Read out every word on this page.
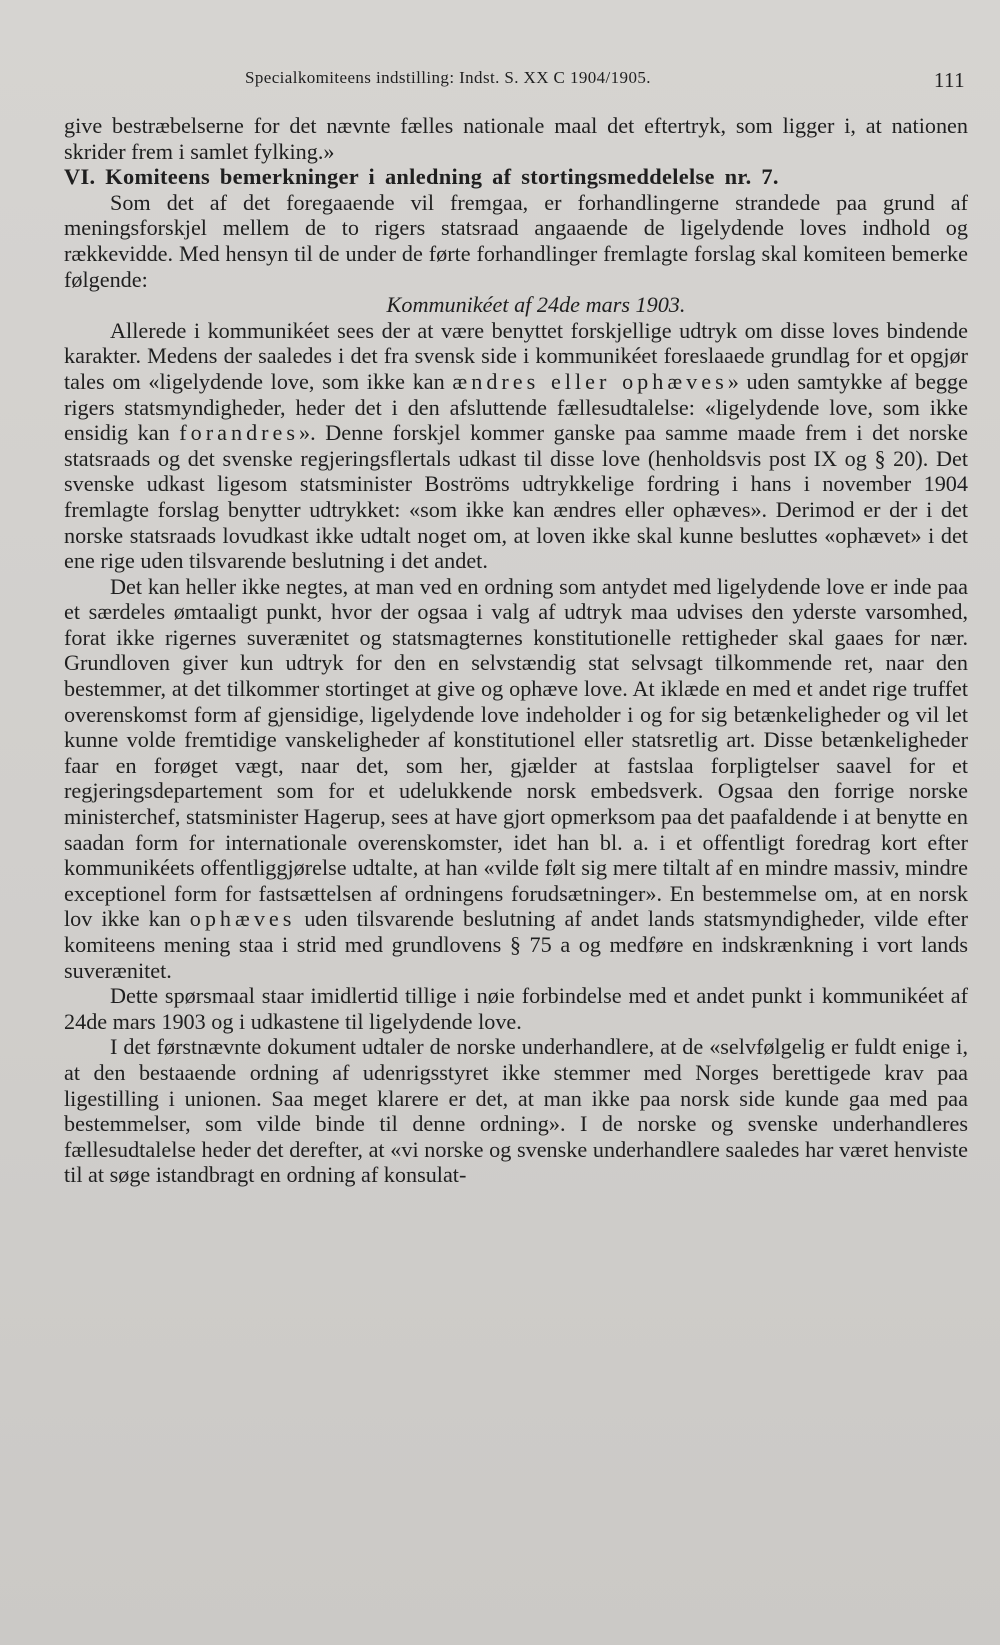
Specialkomiteens indstilling: Indst. S. XX C 1904/1905.	111

give bestræbelserne for det nævnte fælles nationale maal det eftertryk, som ligger i, at nationen skrider frem i samlet fylking.»

VI. Komiteens bemerkninger i anledning af stortingsmeddelelse nr. 7.

Som det af det foregaaende vil fremgaa, er forhandlingerne strandede paa grund af meningsforskjel mellem de to rigers statsraad angaaende de ligelydende loves indhold og rækkevidde. Med hensyn til de under de førte forhandlinger fremlagte forslag skal komiteen bemerke følgende:

Kommunikéet af 24de mars 1903.

Allerede i kommunikéet sees der at være benyttet forskjellige udtryk om disse loves bindende karakter. Medens der saaledes i det fra svensk side i kommunikéet foreslaaede grundlag for et opgjør tales om «ligelydende love, som ikke kan ændres eller ophæves» uden samtykke af begge rigers statsmyndigheder, heder det i den afsluttende fællesudtalelse: «ligelydende love, som ikke ensidig kan forandres». Denne forskjel kommer ganske paa samme maade frem i det norske statsraads og det svenske regjeringsflertals udkast til disse love (henholdsvis post IX og § 20). Det svenske udkast ligesom statsminister Boströms udtrykkelige fordring i hans i november 1904 fremlagte forslag benytter udtrykket: «som ikke kan ændres eller ophæves». Derimod er der i det norske statsraads lovudkast ikke udtalt noget om, at loven ikke skal kunne besluttes «ophævet» i det ene rige uden tilsvarende beslutning i det andet.

Det kan heller ikke negtes, at man ved en ordning som antydet med ligelydende love er inde paa et særdeles ømtaaligt punkt, hvor der ogsaa i valg af udtryk maa udvises den yderste varsomhed, forat ikke rigernes suverænitet og statsmagternes konstitutionelle rettigheder skal gaaes for nær. Grundloven giver kun udtryk for den en selvstændig stat selvsagt tilkommende ret, naar den bestemmer, at det tilkommer stortinget at give og ophæve love. At iklæde en med et andet rige truffet overenskomst form af gjensidige, ligelydende love indeholder i og for sig betænkeligheder og vil let kunne volde fremtidige vanskeligheder af konstitutionel eller statsretlig art. Disse betænkeligheder faar en forøget vægt, naar det, som her, gjælder at fastslaa forpligtelser saavel for et regjeringsdepartement som for et udelukkende norsk embedsverk. Ogsaa den forrige norske ministerchef, statsminister Hagerup, sees at have gjort opmerksom paa det paafaldende i at benytte en saadan form for internationale overenskomster, idet han bl. a. i et offentligt foredrag kort efter kommunikéets offentliggjørelse udtalte, at han «vilde følt sig mere tiltalt af en mindre massiv, mindre exceptionel form for fastsættelsen af ordningens forudsætninger». En bestemmelse om, at en norsk lov ikke kan ophæves uden tilsvarende beslutning af andet lands statsmyndigheder, vilde efter komiteens mening staa i strid med grundlovens § 75 a og medføre en indskrænkning i vort lands suverænitet.

Dette spørsmaal staar imidlertid tillige i nøie forbindelse med et andet punkt i kommunikéet af 24de mars 1903 og i udkastene til ligelydende love.

I det førstnævnte dokument udtaler de norske underhandlere, at de «selvfølgelig er fuldt enige i, at den bestaaende ordning af udenrigsstyret ikke stemmer med Norges berettigede krav paa ligestilling i unionen. Saa meget klarere er det, at man ikke paa norsk side kunde gaa med paa bestemmelser, som vilde binde til denne ordning». I de norske og svenske underhandleres fællesudtalelse heder det derefter, at «vi norske og svenske underhandlere saaledes har været henviste til at søge istandbragt en ordning af konsulat-
